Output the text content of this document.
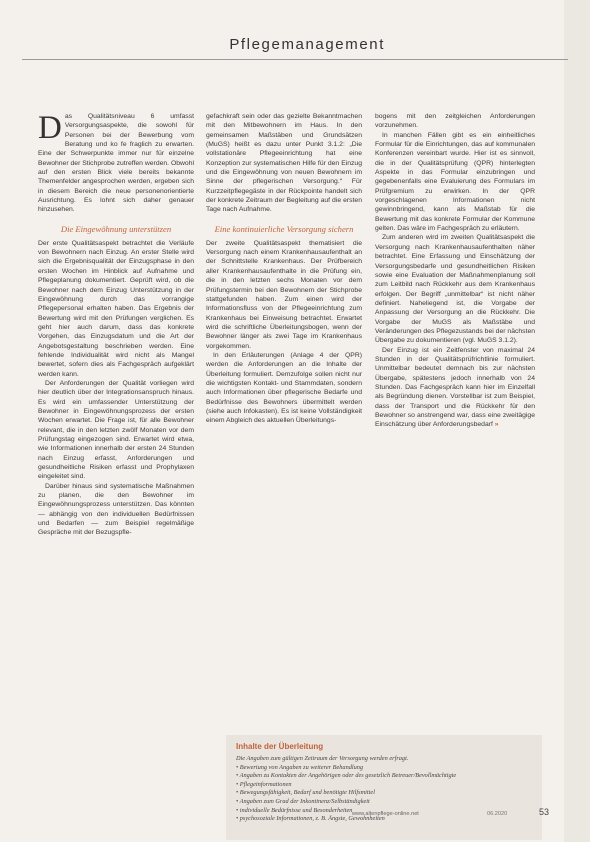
Pflegemanagement

Das Qualitätsniveau 6 umfasst Versorgungsaspekte, die sowohl für Personen bei der Bewerbung vom Beratung und ko fe fraglich zu erwarten. Eine der Schwerpunkte immer nur für einzelne Bewohner der Stichprobe zutreffen werden. Obwohl auf den ersten Blick viele bereits bekannte Themenfelder angesprochen werden, ergeben sich in diesem Bereich die neue personenorientierte Ausrichtung. Es lohnt sich daher genauer hinzusehen.

Die Eingewöhnung unterstützen

Der erste Qualitätsaspekt betrachtet die Verläufe von Bewohnern nach Einzug. An erster Stelle wird sich die Ergebnisqualität der Einzugsphase in den ersten Wochen im Hinblick auf Aufnahme und Pflegeplanung dokumentiert. Geprüft wird, ob die Bewohner nach dem Einzug Unterstützung in der Eingewöhnung durch das vorrangige Pflegepersonal erhalten haben. Das Ergebnis der Bewertung wird mit den Prüfungen verglichen. Es geht hier auch darum, dass das konkrete Vorgehen, das Einzugsdatum und die Art der Angebotsgestaltung beschrieben werden. Eine fehlende Individualität wird nicht als Mangel bewertet, sofern dies als Fachgespräch aufgeklärt werden kann.

Der Anforderungen der Qualität vorliegen wird hier deutlich über der Integrationsanspruch hinaus. Es wird ein umfassender Unterstützung der Bewohner in Eingewöhnungsprozess der ersten Wochen erwartet. Die Frage ist, für alle Bewohner relevant, die in den letzten zwölf Monaten vor dem Prüfungstag eingezogen sind. Erwartet wird etwa, wie Informationen innerhalb der ersten 24 Stunden nach Einzug erfasst, Anforderungen und gesundheitliche Risiken erfasst und Prophylaxen eingeleitet sind.

Darüber hinaus sind systematische Maßnahmen zu planen, die den Bewohner im Eingewöhnungsprozess unterstützen. Das könnten — abhängig von den individuellen Bedürfnissen und Bedarfen — zum Beispiel regelmäßige Gespräche mit der Bezugspfle-

gefachkraft sein oder das gezielte Bekanntmachen mit den Mitbewohnern im Haus. In den gemeinsamen Maßstäben und Grundsätzen (MuGS) heißt es dazu unter Punkt 3.1.2: „Die vollstationäre Pflegeeinrichtung hat eine Konzeption zur systematischen Hilfe für den Einzug und die Eingewöhnung von neuen Bewohnern im Sinne der pflegerischen Versorgung.“ Für Kurzzeitpflegegäste in der Rückpointe handelt sich der konkrete Zeitraum der Begleitung auf die ersten Tage nach Aufnahme.

Eine kontinuierliche Versorgung sichern

Der zweite Qualitätsaspekt thematisiert die Versorgung nach einem Krankenhausaufenthalt an der Schnittstelle Krankenhaus. Der Prüfbereich aller Krankenhausaufenthalte in die Prüfung ein, die in den letzten sechs Monaten vor dem Prüfungstermin bei den Bewohnern der Stichprobe stattgefunden haben. Zum einen wird der Informationsfluss von der Pflegeeinrichtung zum Krankenhaus bei Einweisung betrachtet. Erwartet wird die schriftliche Überleitungsbogen, wenn der Bewohner länger als zwei Tage im Krankenhaus vorgekommen.

In den Erläuterungen (Anlage 4 der QPR) werden die Anforderungen an die Inhalte der Überleitung formuliert. Demzufolge sollen nicht nur die wichtigsten Kontakt- und Stammdaten, sondern auch Informationen über pflegerische Bedarfe und Bedürfnisse des Bewohners übermittelt werden (siehe auch Infokasten). Es ist keine Vollständigkeit einem Abgleich des aktuellen Überleitungs-

bogens mit den zeitgleichen Anforderungen vorzunehmen.

In manchen Fällen gibt es ein einheitliches Formular für die Einrichtungen, das auf kommunalen Konferenzen vereinbart wurde. Hier ist es sinnvoll, die in der Qualitätsprüfung (QPR) hinterlegten Aspekte in das Formular einzubringen und gegebenenfalls eine Evaluierung des Formulars im Prüfgremium zu erwirken. In der QPR vorgeschlagenen Informationen nicht gewinnbringend, kann als Maßstab für die Bewertung mit das konkrete Formular der Kommune gelten. Das wäre im Fachgespräch zu erläutern.

Zum anderen wird im zweiten Qualitätsaspekt die Versorgung nach Krankenhausaufenthalten näher betrachtet. Eine Erfassung und Einschätzung der Versorgungsbedarfe und gesundheitlichen Risiken sowie eine Evaluation der Maßnahmenplanung soll zum Leitbild nach Rückkehr aus dem Krankenhaus erfolgen. Der Begriff „unmittelbar“ ist nicht näher definiert. Naheliegend ist, die Vorgabe der Anpassung der Versorgung an die Rückkehr. Die Vorgabe der MuGS als Maßstäbe und Veränderungen des Pflegezustands bei der nächsten Übergabe zu dokumentieren (vgl. MuGS 3.1.2).

Der Einzug ist ein Zeitfenster von maximal 24 Stunden in der Qualitätsprüfrichtlinie formuliert. Unmittelbar bedeutet demnach bis zur nächsten Übergabe, spätestens jedoch innerhalb von 24 Stunden. Das Fachgespräch kann hier im Einzelfall als Begründung dienen. Vorstellbar ist zum Beispiel, dass der Transport und die Rückkehr für den Bewohner so anstrengend war, dass eine zweitägige Einschätzung über Anforderungsbedarf »

Inhalte der Überleitung
Die Angaben zum gültigen Zeitraum der Versorgung werden erfragt.
• Bewertung von Angaben zu weiterer Behandlung
• Angaben zu Kontakten der Angehörigen oder des gesetzlich Betreuer/Bevollmächtigte
• Pflegeinformationen
• Bewegungsfähigkeit, Bedarf und benötigte Hilfsmittel
• Angaben zum Grad der Inkontinenz/Selbständigkeit
• individuelle Bedürfnisse und Besonderheiten
• psychosoziale Informationen, z. B. Ängste, Gewohnheiten
www.altenpflege-online.net	06.2020	53
